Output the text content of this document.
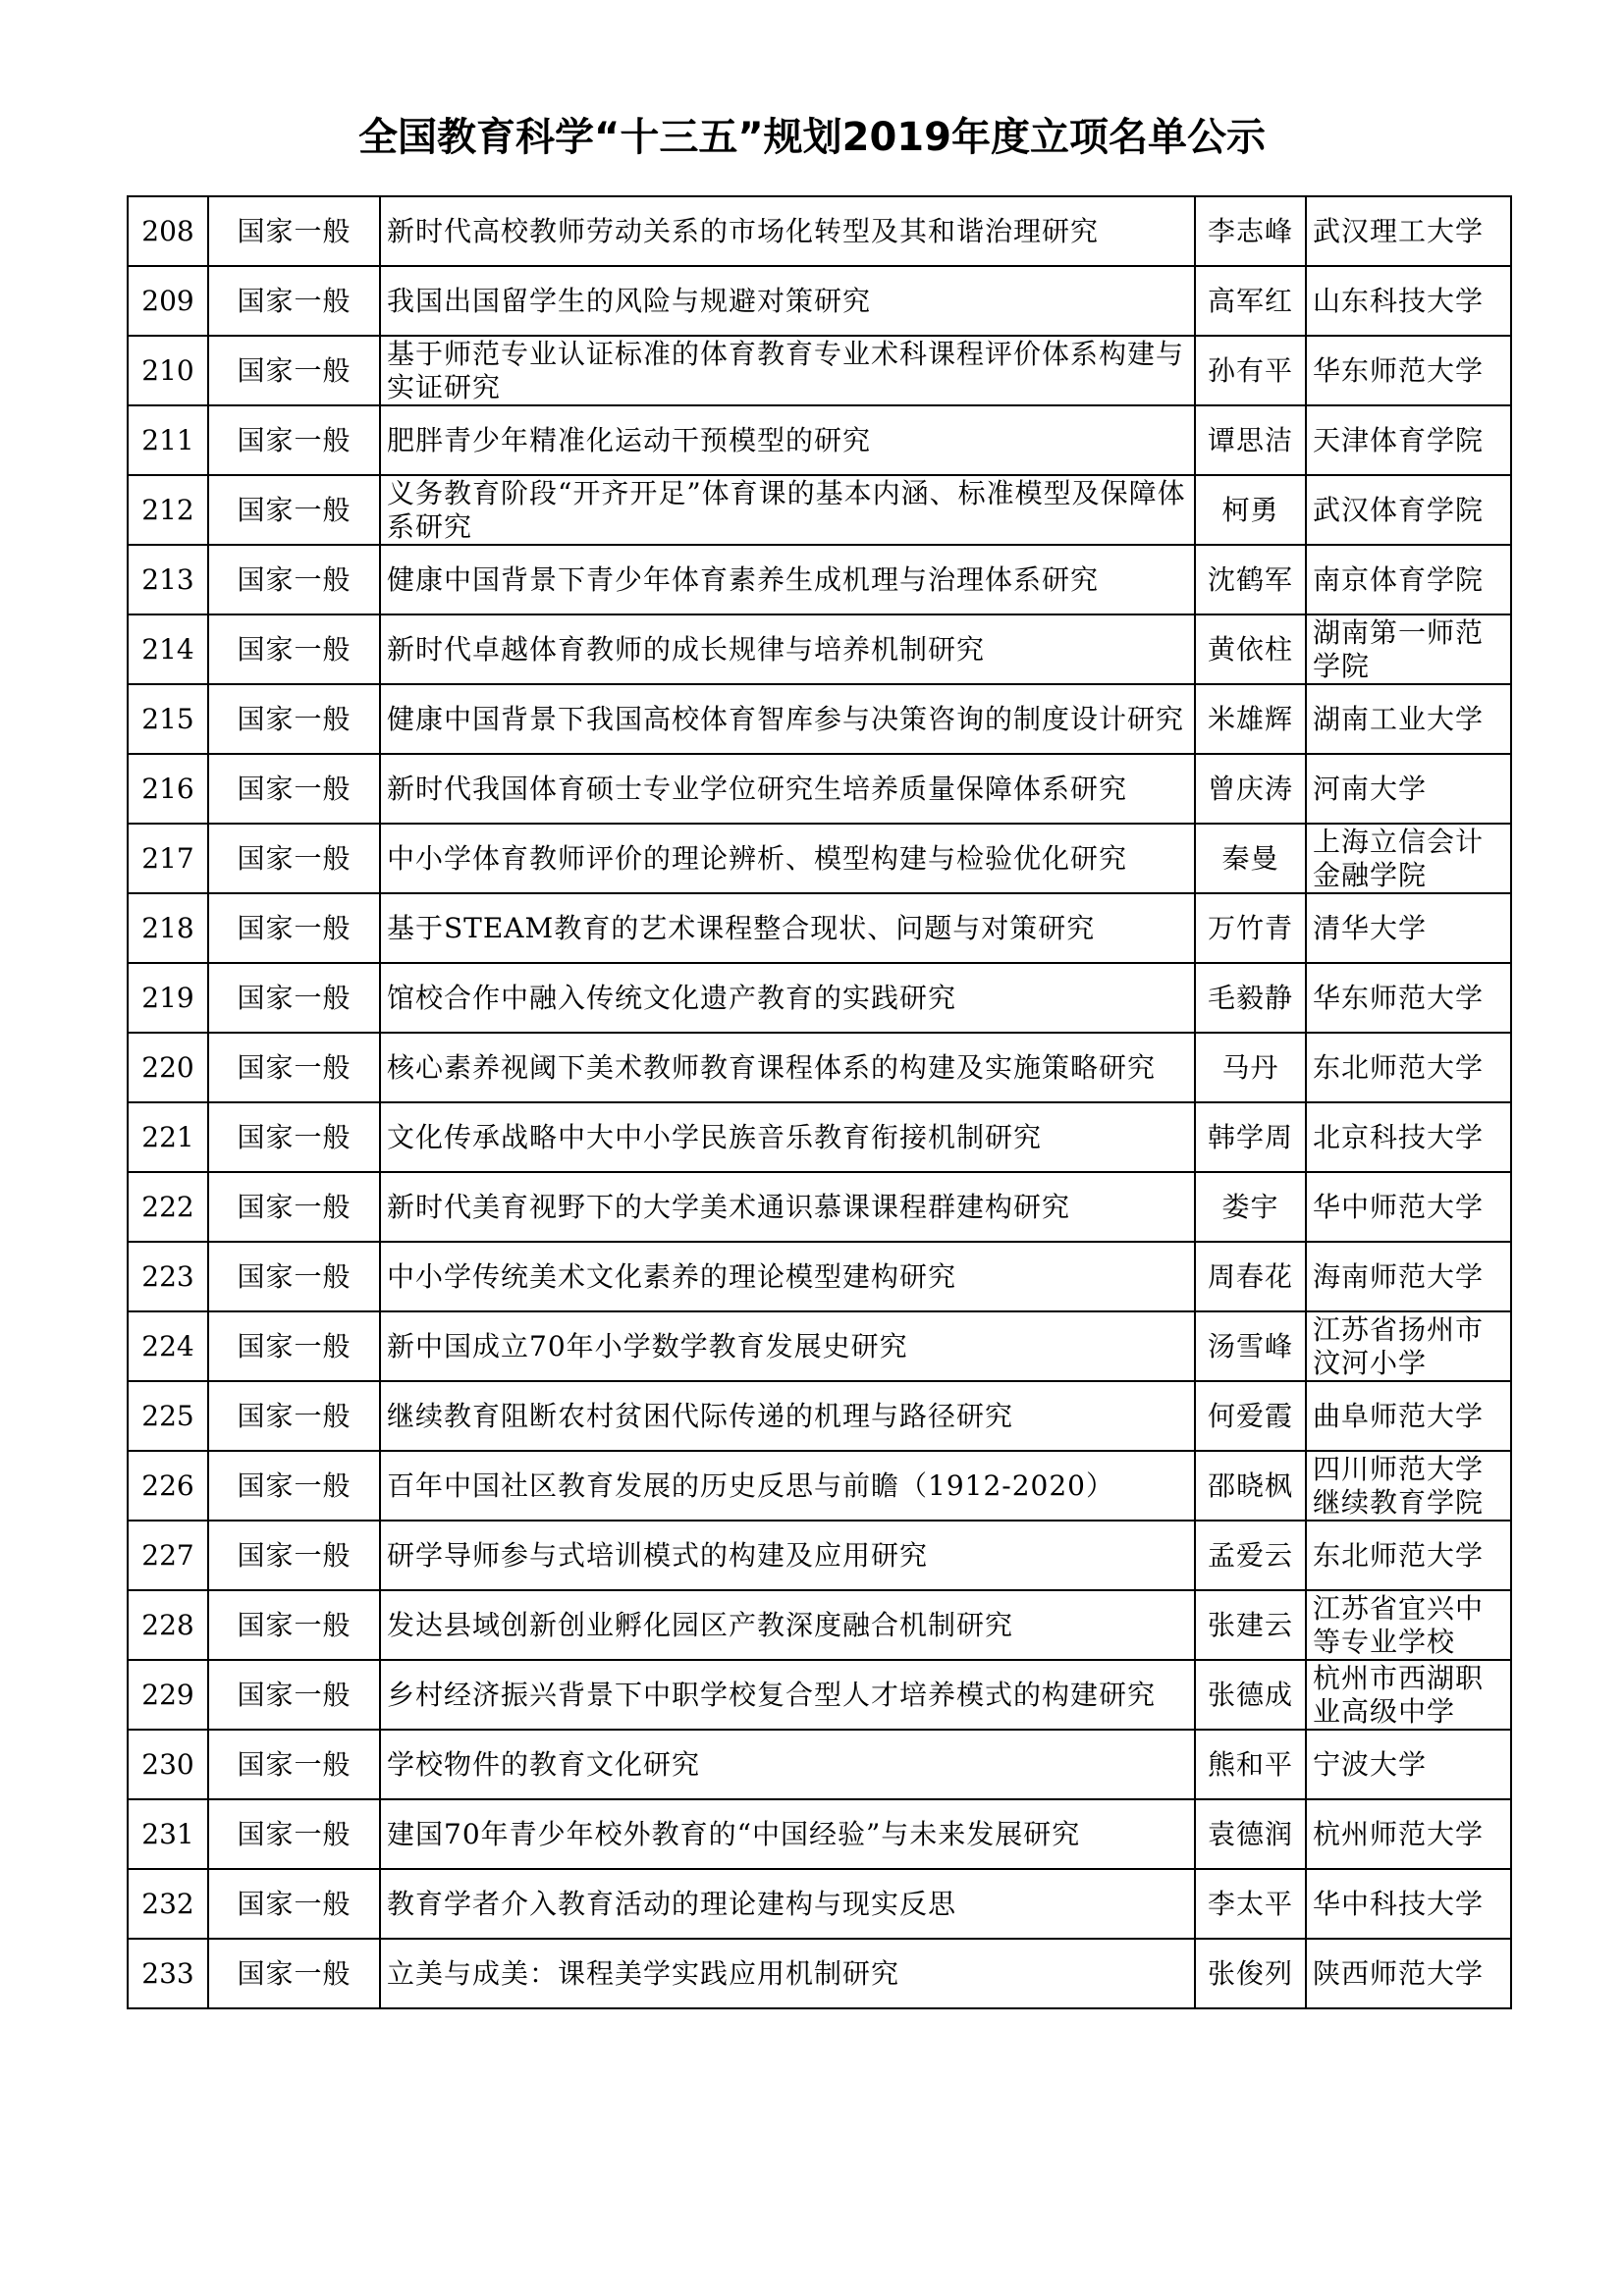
全国教育科学“十三五”规划2019年度立项名单公示
208	国家一般	新时代高校教师劳动关系的市场化转型及其和谐治理研究	李志峰	武汉理工大学

209	国家一般	我国出国留学生的风险与规避对策研究	高军红	山东科技大学

210	国家一般	基于师范专业认证标准的体育教育专业术科课程评价体系构建与实证研究	孙有平	华东师范大学

211	国家一般	肥胖青少年精准化运动干预模型的研究	谭思洁	天津体育学院

212	国家一般	义务教育阶段“开齐开足”体育课的基本内涵、标准模型及保障体系研究	柯勇	武汉体育学院

213	国家一般	健康中国背景下青少年体育素养生成机理与治理体系研究	沈鹤军	南京体育学院

214	国家一般	新时代卓越体育教师的成长规律与培养机制研究	黄依柱	湖南第一师范学院

215	国家一般	健康中国背景下我国高校体育智库参与决策咨询的制度设计研究	米雄辉	湖南工业大学

216	国家一般	新时代我国体育硕士专业学位研究生培养质量保障体系研究	曾庆涛	河南大学

217	国家一般	中小学体育教师评价的理论辨析、模型构建与检验优化研究	秦曼	上海立信会计金融学院

218	国家一般	基于STEAM教育的艺术课程整合现状、问题与对策研究	万竹青	清华大学

219	国家一般	馆校合作中融入传统文化遗产教育的实践研究	毛毅静	华东师范大学

220	国家一般	核心素养视阈下美术教师教育课程体系的构建及实施策略研究	马丹	东北师范大学

221	国家一般	文化传承战略中大中小学民族音乐教育衔接机制研究	韩学周	北京科技大学

222	国家一般	新时代美育视野下的大学美术通识慕课课程群建构研究	娄宇	华中师范大学

223	国家一般	中小学传统美术文化素养的理论模型建构研究	周春花	海南师范大学

224	国家一般	新中国成立70年小学数学教育发展史研究	汤雪峰	江苏省扬州市汶河小学

225	国家一般	继续教育阻断农村贫困代际传递的机理与路径研究	何爱霞	曲阜师范大学

226	国家一般	百年中国社区教育发展的历史反思与前瞻（1912-2020）	邵晓枫	四川师范大学继续教育学院

227	国家一般	研学导师参与式培训模式的构建及应用研究	孟爱云	东北师范大学

228	国家一般	发达县域创新创业孵化园区产教深度融合机制研究	张建云	江苏省宜兴中等专业学校

229	国家一般	乡村经济振兴背景下中职学校复合型人才培养模式的构建研究	张德成	杭州市西湖职业高级中学

230	国家一般	学校物件的教育文化研究	熊和平	宁波大学

231	国家一般	建国70年青少年校外教育的“中国经验”与未来发展研究	袁德润	杭州师范大学

232	国家一般	教育学者介入教育活动的理论建构与现实反思	李太平	华中科技大学

233	国家一般	立美与成美：课程美学实践应用机制研究	张俊列	陕西师范大学
